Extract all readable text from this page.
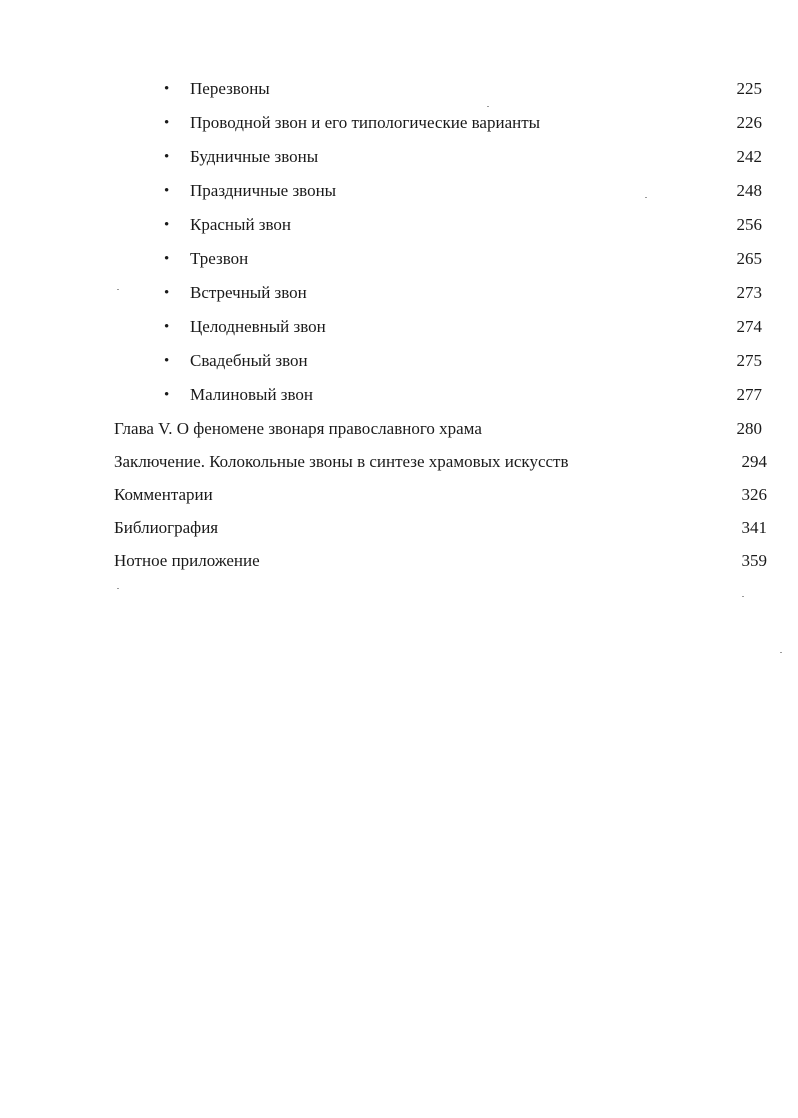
• Перезвоны	225
• Проводной звон и его типологические варианты	226
• Будничные звоны	242
• Праздничные звоны	248
• Красный звон	256
• Трезвон	265
• Встречный звон	273
• Целодневный звон	274
• Свадебный звон	275
• Малиновый звон	277
Глава V. О феномене звонаря православного храма	280
Заключение. Колокольные звоны в синтезе храмовых искусств	294
Комментарии	326
Библиография	341
Нотное приложение	359
